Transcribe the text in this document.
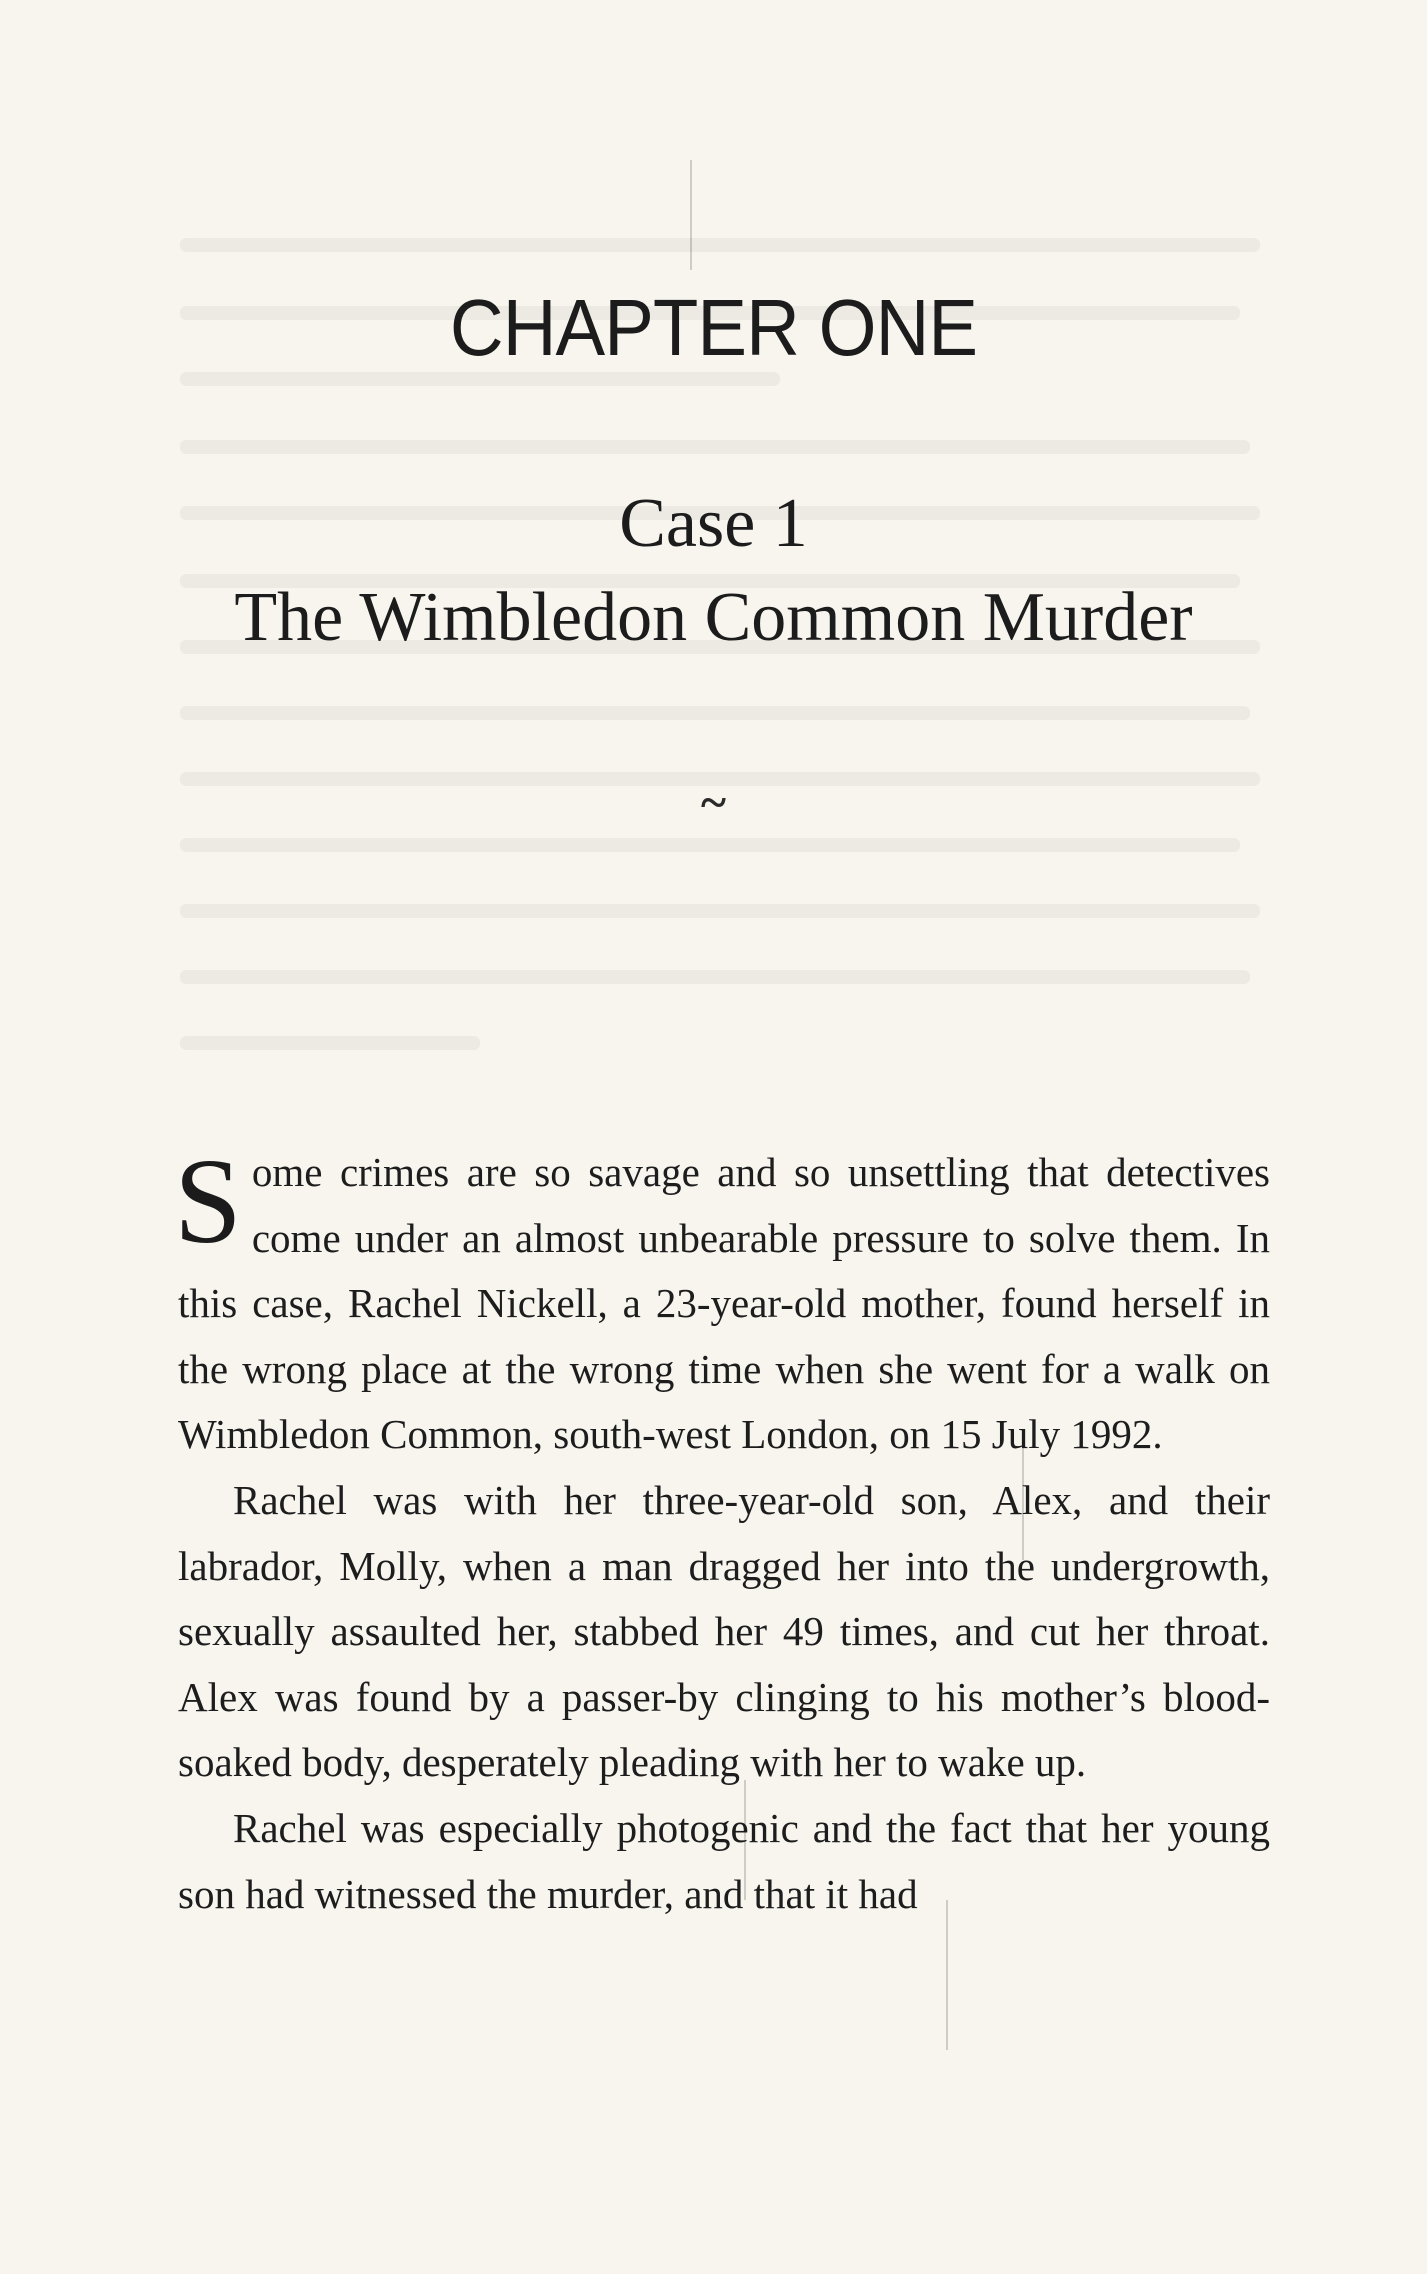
CHAPTER ONE
Case 1
The Wimbledon Common Murder
~

Some crimes are so savage and so unsettling that detectives come under an almost unbearable pressure to solve them. In this case, Rachel Nickell, a 23-year-old mother, found herself in the wrong place at the wrong time when she went for a walk on Wimbledon Common, south-west London, on 15 July 1992.

Rachel was with her three-year-old son, Alex, and their labrador, Molly, when a man dragged her into the undergrowth, sexually assaulted her, stabbed her 49 times, and cut her throat. Alex was found by a passer-by clinging to his mother’s blood-soaked body, desperately pleading with her to wake up.

Rachel was especially photogenic and the fact that her young son had witnessed the murder, and that it had
